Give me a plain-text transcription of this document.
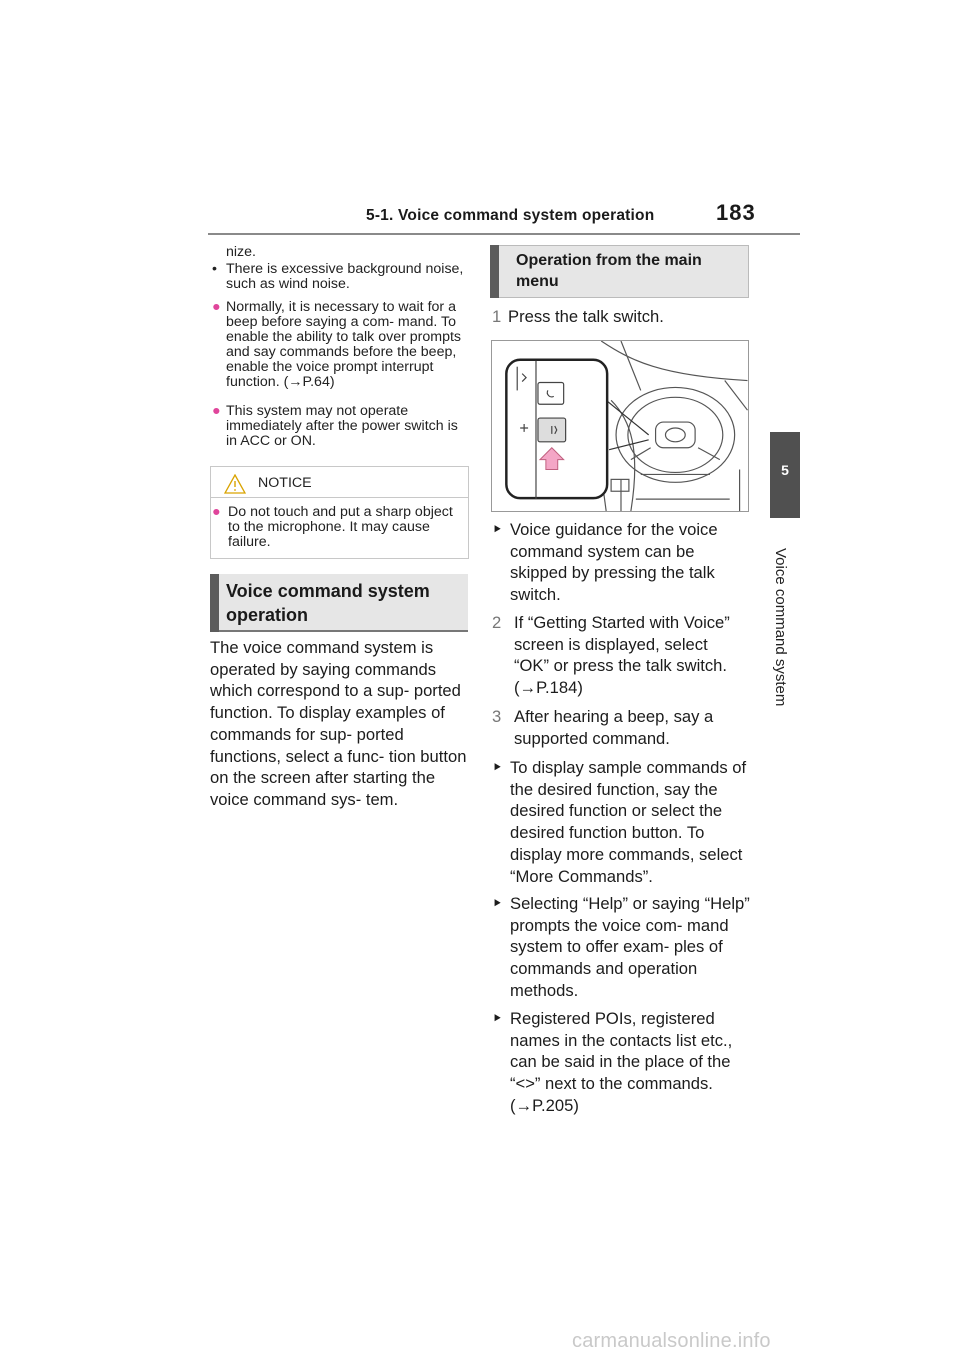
5-1. Voice command system operation	183
5
Voice command system
nize.
• There is excessive background noise, such as wind noise.
● Normally, it is necessary to wait for a beep before saying a com- mand. To enable the ability to talk over prompts and say commands before the beep, enable the voice prompt interrupt function. (→P.64)
● This system may not operate immediately after the power switch is in ACC or ON.
NOTICE
● Do not touch and put a sharp object to the microphone. It may cause failure.
Voice command system operation
The voice command system is operated by saying commands which correspond to a sup- ported function. To display examples of commands for sup- ported functions, select a func- tion button on the screen after starting the voice command sys- tem.
Operation from the main menu
1 Press the talk switch.
⯈ Voice guidance for the voice command system can be skipped by pressing the talk switch.
2 If “Getting Started with Voice” screen is displayed, select “OK” or press the talk switch. (→P.184)
3 After hearing a beep, say a supported command.
⯈ To display sample commands of the desired function, say the desired function or select the desired function button. To display more commands, select “More Commands”.
⯈ Selecting “Help” or saying “Help” prompts the voice com- mand system to offer exam- ples of commands and operation methods.
⯈ Registered POIs, registered names in the contacts list etc., can be said in the place of the “<>” next to the commands. (→P.205)
carmanualsonline.info
